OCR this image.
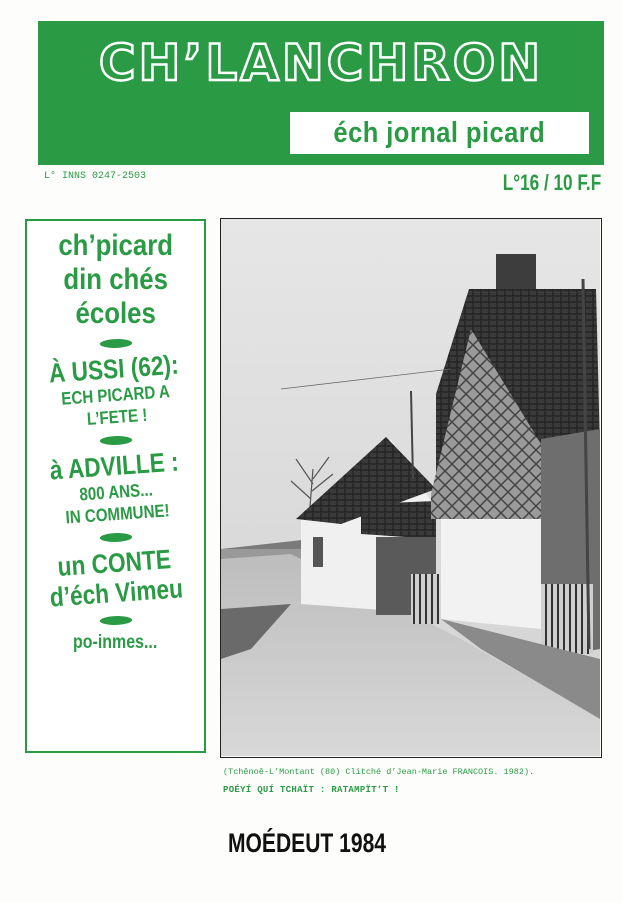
CH’LANCHRON
éch jornal picard
L° INNS 0247-2503	L°16 / 10 F.F
ch’picard
din chés
écoles
À USSI (62):
ECH PICARD A
L’FETE !
à ADVILLE :
800 ANS...
IN COMMUNE!
un CONTE
d’éch Vimeu
po-inmes...
(Tchênoê-L’Montant (80) Clitché d’Jean-Marie FRANCOIS. 1982).
POÉYÍ QUÍ TCHAÏT : RATAMPÏT’T !
MOÉDEUT 1984
